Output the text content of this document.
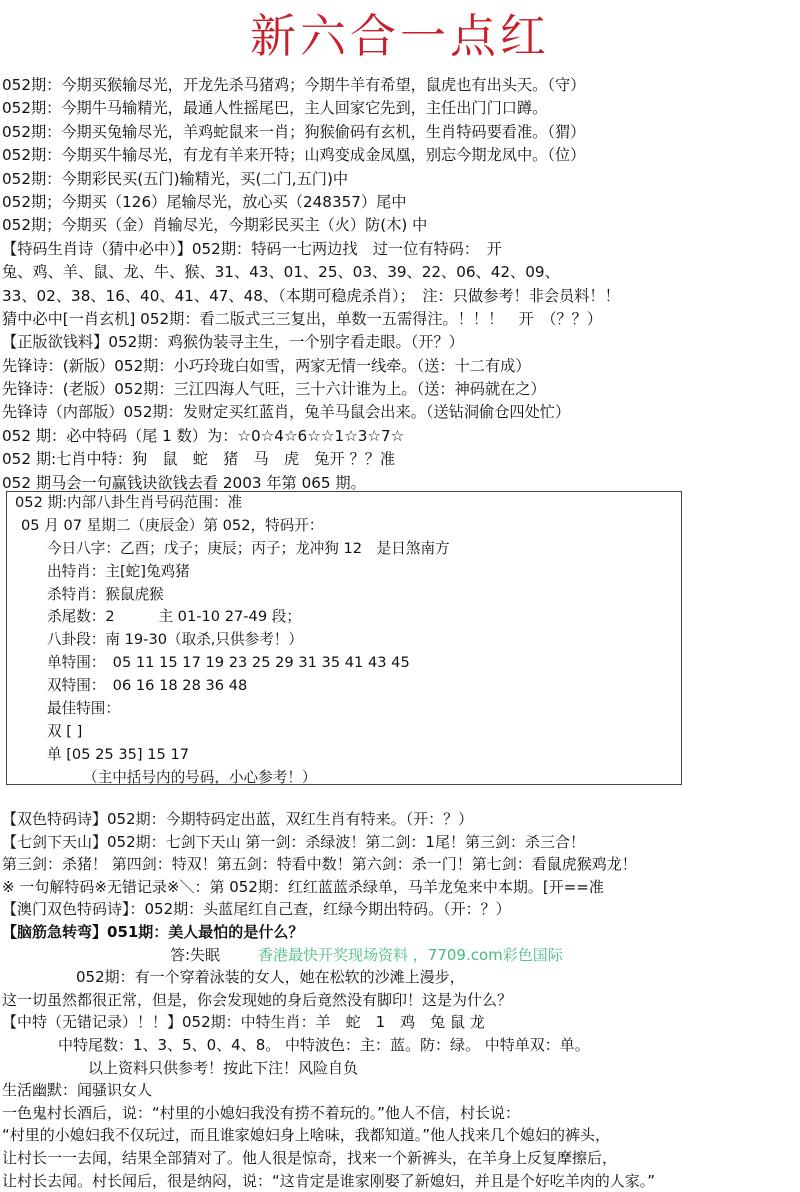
新六合一点红
052期：今期买猴输尽光，开龙先杀马猪鸡；今期牛羊有希望，鼠虎也有出头天。（守）
052期：今期牛马输精光，最通人性摇尾巴，主人回家它先到，主任出门门口蹲。
052期：今期买兔输尽光，羊鸡蛇鼠来一肖；狗猴偷码有玄机，生肖特码要看准。（猬）
052期：今期买牛输尽光，有龙有羊来开特；山鸡变成金凤凰，别忘今期龙凤中。（位）
052期：今期彩民买(五门)输精光，买(二门,五门)中
052期；今期买（126）尾输尽光，放心买（248357）尾中
052期；今期买（金）肖输尽光，今期彩民买主（火）防(木) 中
【特码生肖诗（猜中必中）】052期：特码一七两边找　过一位有特码：　开
兔、鸡、羊、鼠、龙、牛、猴、31、43、01、25、03、39、22、06、42、09、
33、02、38、16、40、41、47、48、（本期可稳虎杀肖）；　注：只做参考！非会员料！！
猜中必中[一肖玄机] 052期：看二版式三三复出，单数一五需得注。！！！　开　（？？）
【正版欲钱料】052期：鸡猴伪装寻主生，一个别字看走眼。（开？）
先锋诗：(新版）052期：小巧玲珑白如雪，两家无情一线牵。（送：十二有成）
先锋诗：(老版）052期：三江四海人气旺，三十六计谁为上。（送：神码就在之）
先锋诗（内部版）052期：发财定买红蓝肖，兔羊马鼠会出来。（送钻洞偷仓四处忙）
052 期：必中特码（尾 1 数）为：☆0☆4☆6☆☆1☆3☆7☆
052 期:七肖中特：狗　鼠　蛇　猪　马　虎　兔开 ？？准
052 期马会一句赢钱诀欲钱去看 2003 年第 065 期。
052 期:内部八卦生肖号码范围：准
05 月 07 星期二（庚辰金）第 052，特码开：
今日八字：乙酉；戊子；庚辰；丙子；龙冲狗 12　是日煞南方
出特肖：主[蛇]兔鸡猪
杀特肖：猴鼠虎猴
杀尾数：2　　　主 01-10 27-49 段；
八卦段：南 19-30（取杀,只供参考！）
单特围：　05 11 15 17 19 23 25 29 31 35 41 43 45
双特围：　06 16 18 28 36 48
最佳特围：
双 [ ]
单 [05 25 35] 15 17
（主中括号内的号码，小心参考！）
【双色特码诗】052期：今期特码定出蓝，双红生肖有特来。（开：？）
【七剑下天山】052期：七剑下天山 第一剑：杀绿波！第二剑：1尾！第三剑：杀三合！
第三剑：杀猪！ 第四剑：特双！第五剑：特看中数！第六剑：杀一门！第七剑：看鼠虎猴鸡龙！
※ 一句解特码※无错记录※＼：第 052期：红红蓝蓝杀绿单，马羊龙兔来中本期。[开==准
【澳门双色特码诗】：052期：头蓝尾红自己查，红绿今期出特码。（开：？）
【脑筋急转弯】051期：美人最怕的是什么？
答:失眠
052期：有一个穿着泳装的女人，她在松软的沙滩上漫步，
这一切虽然都很正常，但是，你会发现她的身后竟然没有脚印！这是为什么？
【中特（无错记录）！！】052期：中特生肖：羊　蛇　1　鸡　兔 鼠 龙
中特尾数：1、3、5、0、4、8。 中特波色：主：蓝。防：绿。 中特单双：单。
以上资料只供参考！按此下注！风险自负
生活幽默：闻骚识女人
一色鬼村长酒后，说：“村里的小媳妇我没有捞不着玩的。”他人不信，村长说：
“村里的小媳妇我不仅玩过，而且谁家媳妇身上啥味，我都知道。”他人找来几个媳妇的裤头，
让村长一一去闻，结果全部猜对了。他人很是惊奇，找来一个新裤头，在羊身上反复摩擦后，
让村长去闻。村长闻后，很是纳闷，说：“这肯定是谁家刚娶了新媳妇，并且是个好吃羊肉的人家。”
香港最快开奖现场资料 ，7709.com彩色国际
